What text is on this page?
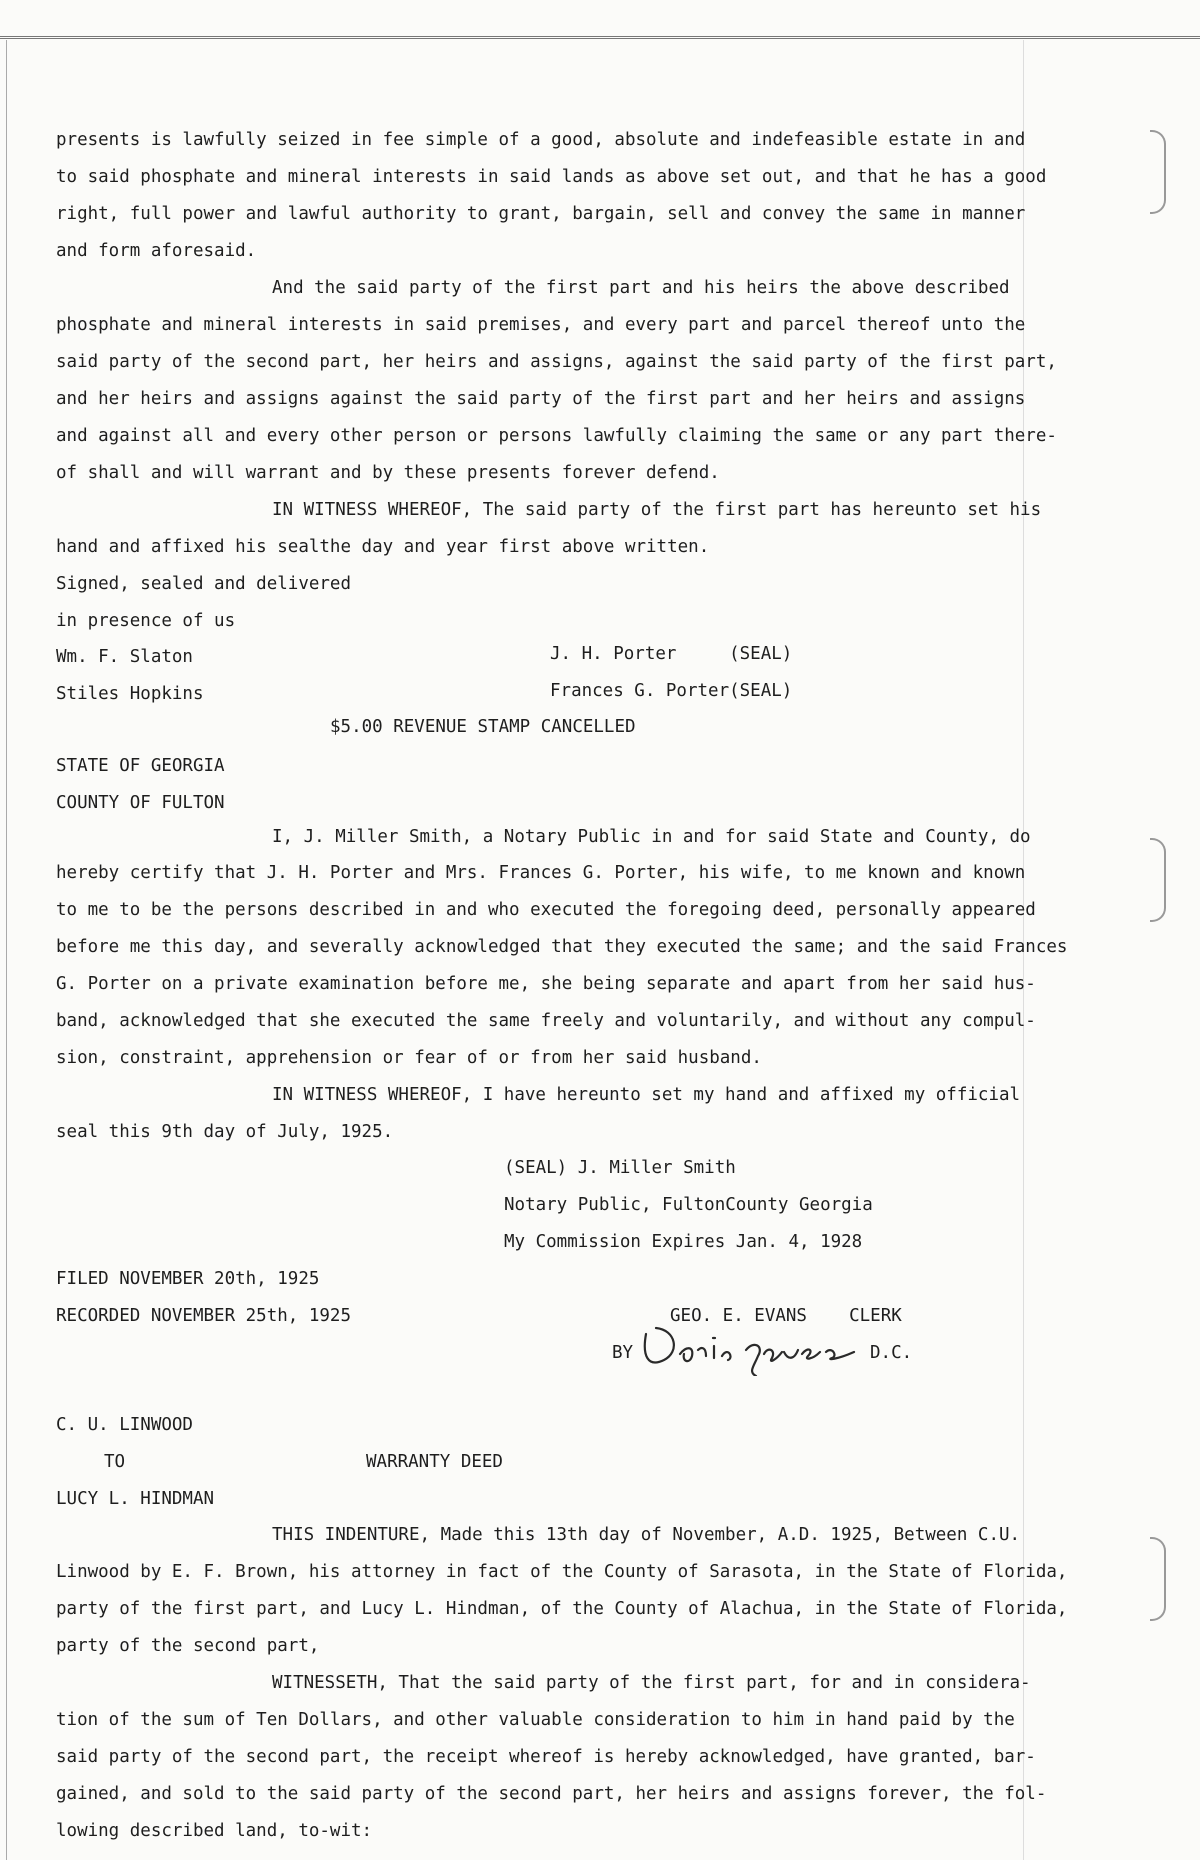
presents is lawfully seized in fee simple of a good, absolute and indefeasible estate in and
to said phosphate and mineral interests in said lands as above set out, and that he has a good
right, full power and lawful authority to grant, bargain, sell and convey the same in manner
and form aforesaid.
And the said party of the first part and his heirs the above described
phosphate and mineral interests in said premises, and every part and parcel thereof unto the
said party of the second part, her heirs and assigns, against the said party of the first part,
and her heirs and assigns against the said party of the first part and her heirs and assigns
and against all and every other person or persons lawfully claiming the same or any part there-
of shall and will warrant and by these presents forever defend.
IN WITNESS WHEREOF, The said party of the first part has hereunto set his
hand and affixed his sealthe day and year first above written.
Signed, sealed and delivered
in presence of us
Wm. F. Slaton	J. H. Porter     (SEAL)
Stiles Hopkins	Frances G. Porter(SEAL)
$5.00 REVENUE STAMP CANCELLED
STATE OF GEORGIA
COUNTY OF FULTON
I, J. Miller Smith, a Notary Public in and for said State and County, do
hereby certify that J. H. Porter and Mrs. Frances G. Porter, his wife, to me known and known
to me to be the persons described in and who executed the foregoing deed, personally appeared
before me this day, and severally acknowledged that they executed the same; and the said Frances
G. Porter on a private examination before me, she being separate and apart from her said hus-
band, acknowledged that she executed the same freely and voluntarily, and without any compul-
sion, constraint, apprehension or fear of or from her said husband.
IN WITNESS WHEREOF, I have hereunto set my hand and affixed my official
seal this 9th day of July, 1925.
(SEAL) J. Miller Smith
Notary Public, FultonCounty Georgia
My Commission Expires Jan. 4, 1928
FILED NOVEMBER 20th, 1925
RECORDED NOVEMBER 25th, 1925	GEO. E. EVANS    CLERK
BY	D.C.
C. U. LINWOOD
TO	WARRANTY DEED
LUCY L. HINDMAN
THIS INDENTURE, Made this 13th day of November, A.D. 1925, Between C.U.
Linwood by E. F. Brown, his attorney in fact of the County of Sarasota, in the State of Florida,
party of the first part, and Lucy L. Hindman, of the County of Alachua, in the State of Florida,
party of the second part,
WITNESSETH, That the said party of the first part, for and in considera-
tion of the sum of Ten Dollars, and other valuable consideration to him in hand paid by the
said party of the second part, the receipt whereof is hereby acknowledged, have granted, bar-
gained, and sold to the said party of the second part, her heirs and assigns forever, the fol-
lowing described land, to-wit:
